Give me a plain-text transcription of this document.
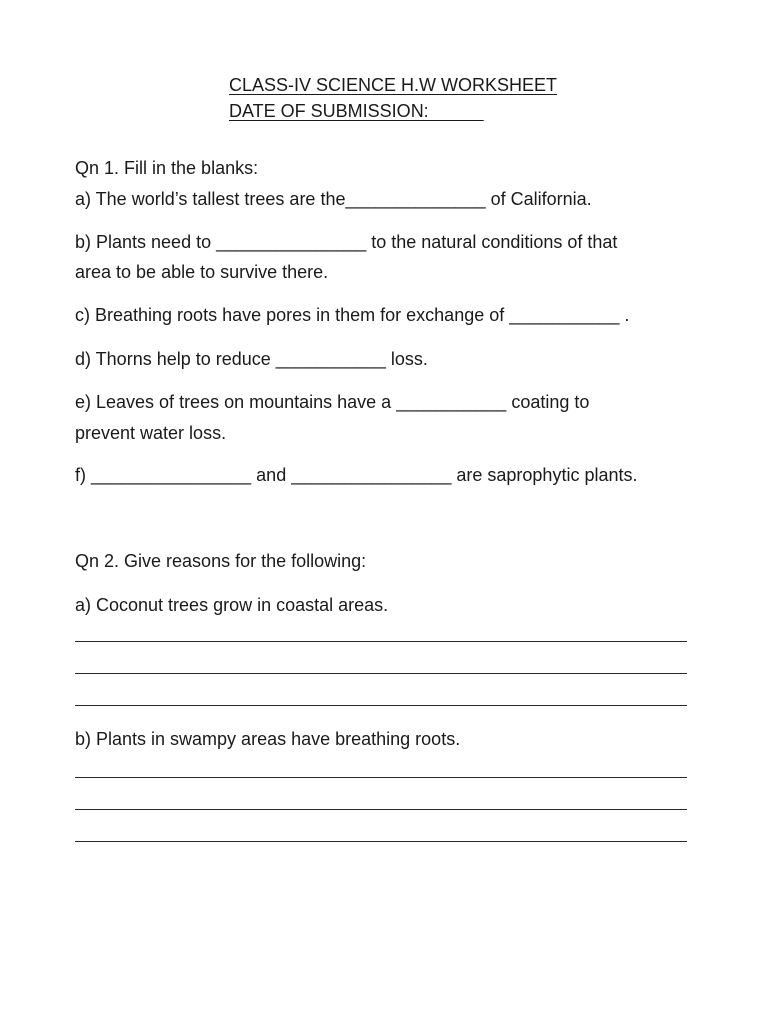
CLASS-IV SCIENCE H.W WORKSHEET
DATE OF SUBMISSION:
Qn 1. Fill in the blanks:
a) The world’s tallest trees are the______________ of California.
b) Plants need to _______________ to the natural conditions of that
area to be able to survive there.
c) Breathing roots have pores in them for exchange of ___________ .
d) Thorns help to reduce ___________ loss.
e) Leaves of trees on mountains have a ___________ coating to
prevent water loss.
f) ________________ and ________________ are saprophytic plants.
Qn 2. Give reasons for the following:
a) Coconut trees grow in coastal areas.
b) Plants in swampy areas have breathing roots.
